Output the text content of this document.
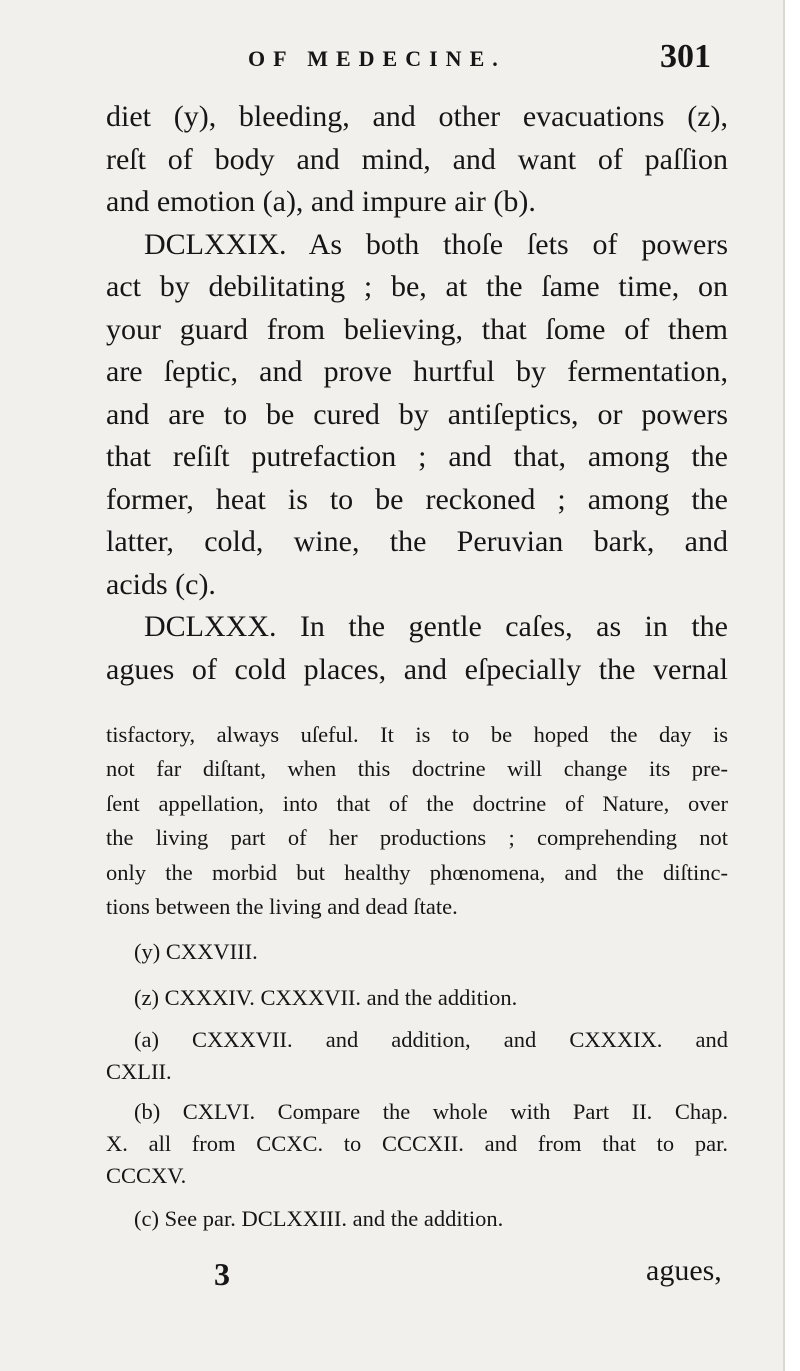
OF MEDECINE.	301
diet (y), bleeding, and other evacuations (z),
reſt of body and mind, and want of paſſion
and emotion (a), and impure air (b).
DCLXXIX. As both thoſe ſets of powers
act by debilitating ; be, at the ſame time, on
your guard from believing, that ſome of them
are ſeptic, and prove hurtful by fermentation,
and are to be cured by antiſeptics, or powers
that reſiſt putrefaction ; and that, among the
former, heat is to be reckoned ; among the
latter, cold, wine, the Peruvian bark, and
acids (c).
DCLXXX. In the gentle caſes, as in the
agues of cold places, and eſpecially the vernal
tisfactory, always uſeful. It is to be hoped the day is
not far diſtant, when this doctrine will change its pre-
ſent appellation, into that of the doctrine of Nature, over
the living part of her productions ; comprehending not
only the morbid but healthy phœnomena, and the diſtinc-
tions between the living and dead ſtate.
(y) CXXVIII.
(z) CXXXIV. CXXXVII. and the addition.
(a) CXXXVII. and addition, and CXXXIX. and
CXLII.
(b) CXLVI. Compare the whole with Part II. Chap.
X. all from CCXC. to CCCXII. and from that to par.
CCCXV.
(c) See par. DCLXXIII. and the addition.
3	agues,
